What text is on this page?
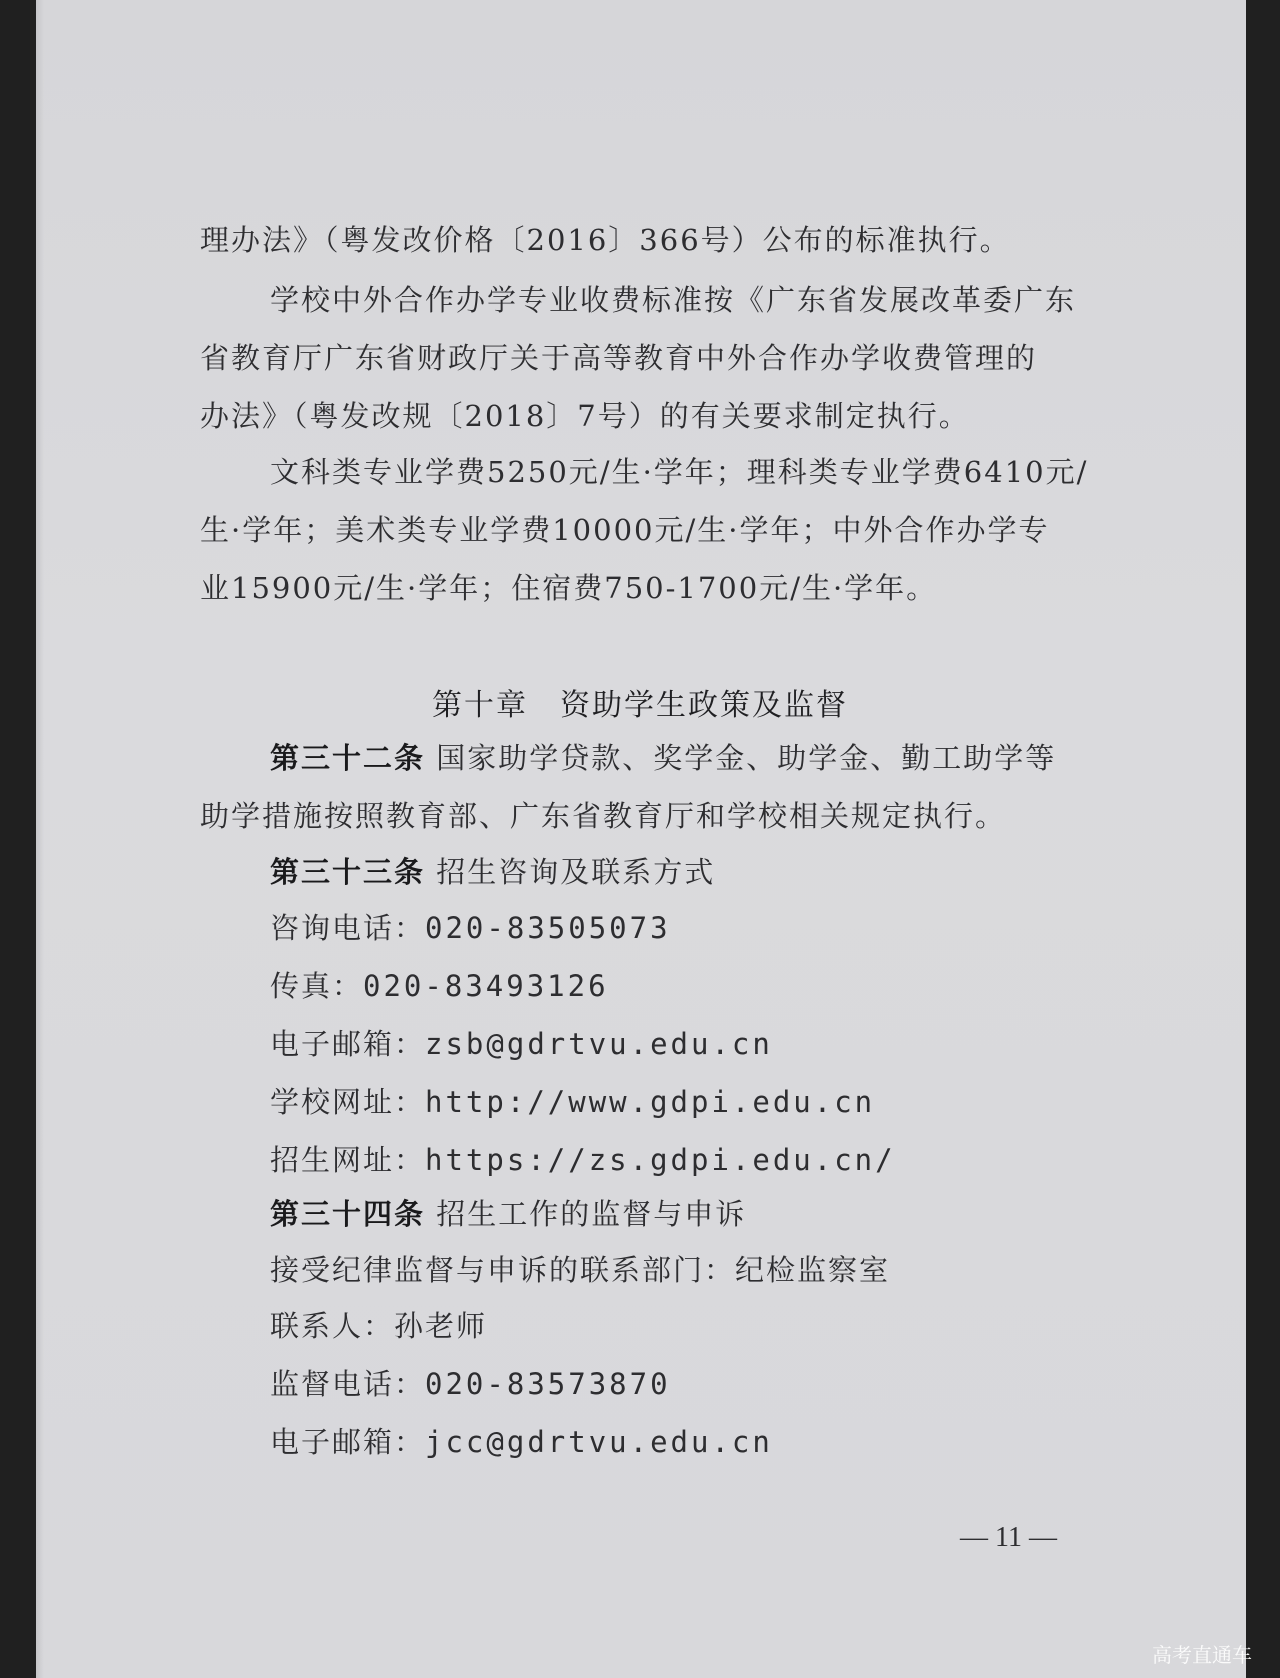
理办法》（粤发改价格〔2016〕366号）公布的标准执行。
学校中外合作办学专业收费标准按《广东省发展改革委广东
省教育厅广东省财政厅关于高等教育中外合作办学收费管理的
办法》（粤发改规〔2018〕7号）的有关要求制定执行。
文科类专业学费5250元/生·学年；理科类专业学费6410元/
生·学年；美术类专业学费10000元/生·学年；中外合作办学专
业15900元/生·学年；住宿费750-1700元/生·学年。
第十章　资助学生政策及监督
第三十二条 国家助学贷款、奖学金、助学金、勤工助学等
助学措施按照教育部、广东省教育厅和学校相关规定执行。
第三十三条 招生咨询及联系方式
咨询电话：020-83505073
传真：020-83493126
电子邮箱：zsb@gdrtvu.edu.cn
学校网址：http://www.gdpi.edu.cn
招生网址：https://zs.gdpi.edu.cn/
第三十四条 招生工作的监督与申诉
接受纪律监督与申诉的联系部门：纪检监察室
联系人：孙老师
监督电话：020-83573870
电子邮箱：jcc@gdrtvu.edu.cn
— 11 —
高考直通车
